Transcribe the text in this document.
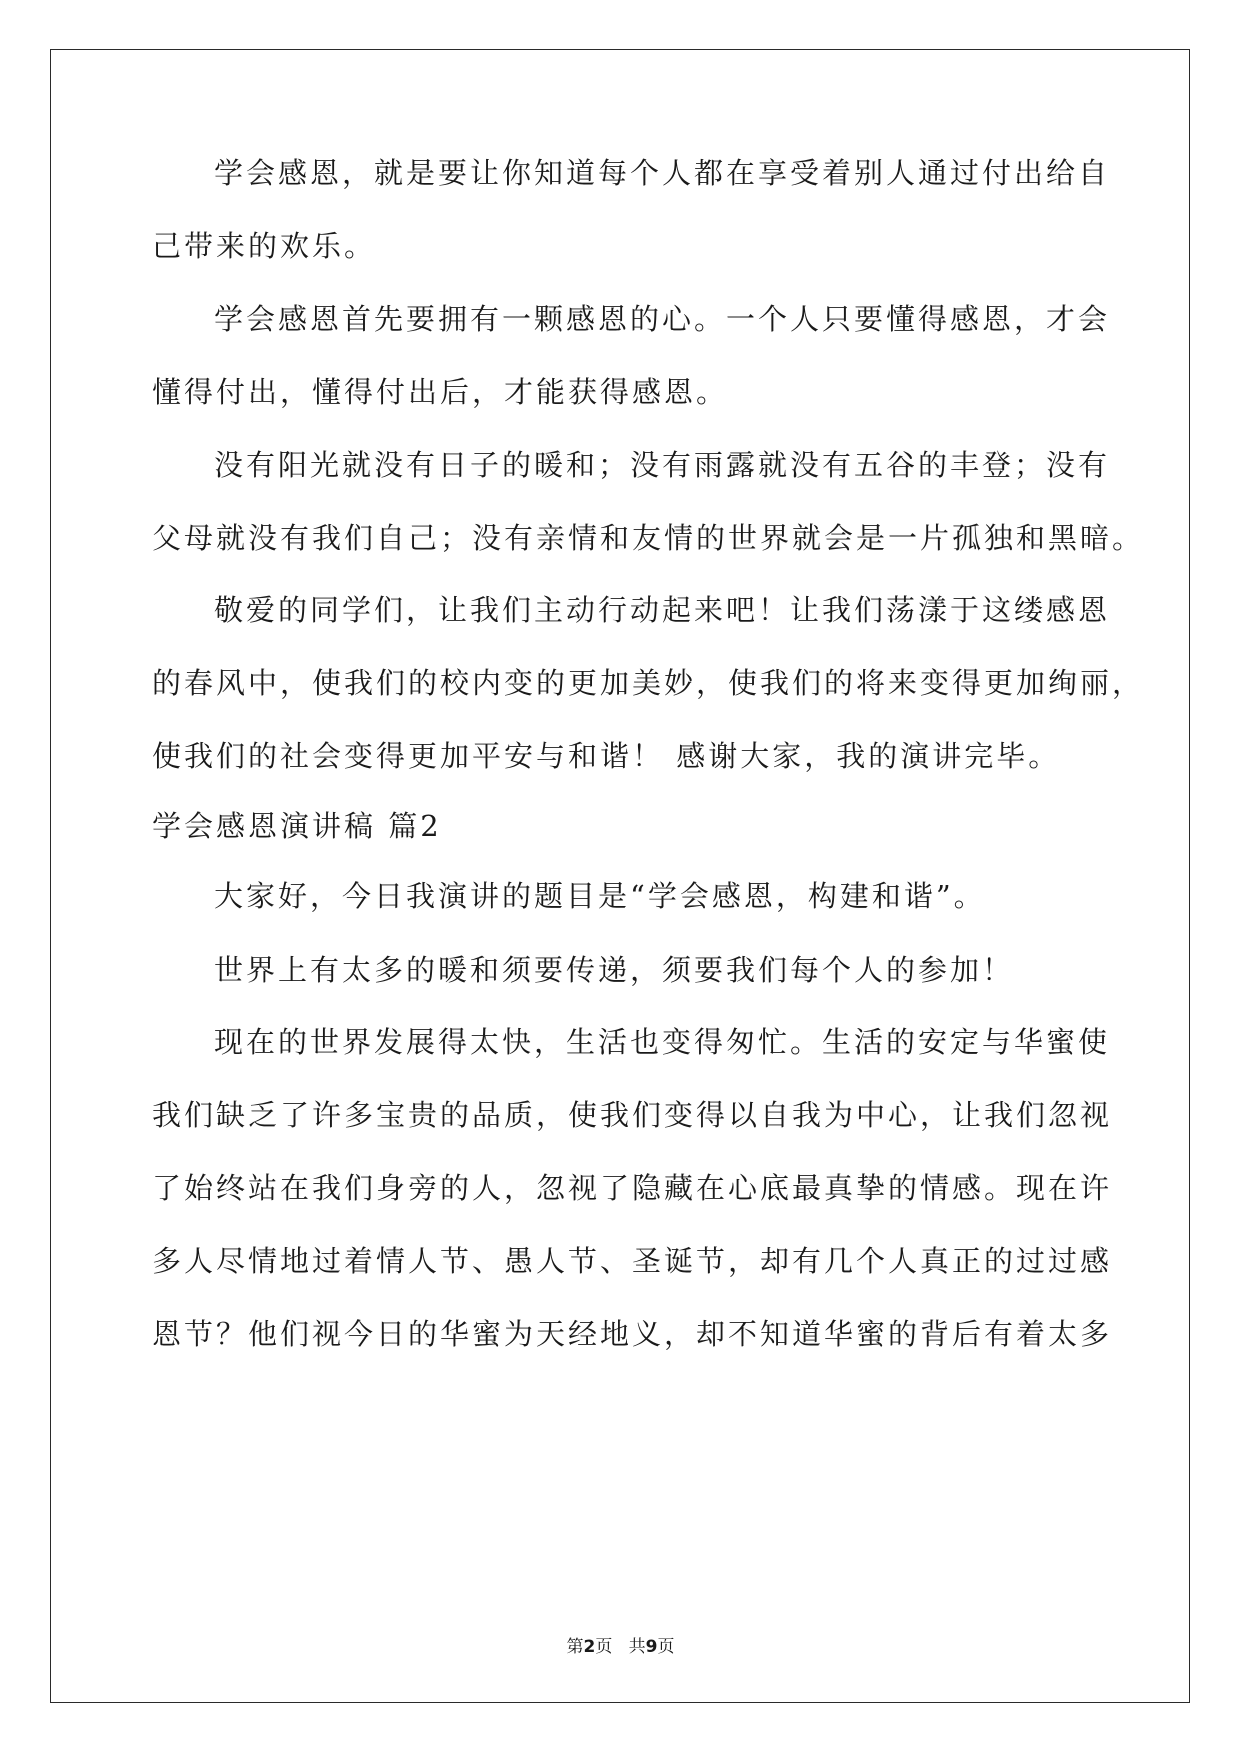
学会感恩，就是要让你知道每个人都在享受着别人通过付出给自
己带来的欢乐。
学会感恩首先要拥有一颗感恩的心。一个人只要懂得感恩，才会
懂得付出，懂得付出后，才能获得感恩。
没有阳光就没有日子的暖和；没有雨露就没有五谷的丰登；没有
父母就没有我们自己；没有亲情和友情的世界就会是一片孤独和黑暗。
敬爱的同学们，让我们主动行动起来吧！让我们荡漾于这缕感恩
的春风中，使我们的校内变的更加美妙，使我们的将来变得更加绚丽，
使我们的社会变得更加平安与和谐！ 感谢大家，我的演讲完毕。
学会感恩演讲稿 篇2
大家好，今日我演讲的题目是“学会感恩，构建和谐”。
世界上有太多的暖和须要传递，须要我们每个人的参加！
现在的世界发展得太快，生活也变得匆忙。生活的安定与华蜜使
我们缺乏了许多宝贵的品质，使我们变得以自我为中心，让我们忽视
了始终站在我们身旁的人，忽视了隐藏在心底最真挚的情感。现在许
多人尽情地过着情人节、愚人节、圣诞节，却有几个人真正的过过感
恩节？他们视今日的华蜜为天经地义，却不知道华蜜的背后有着太多
第2页 共9页
